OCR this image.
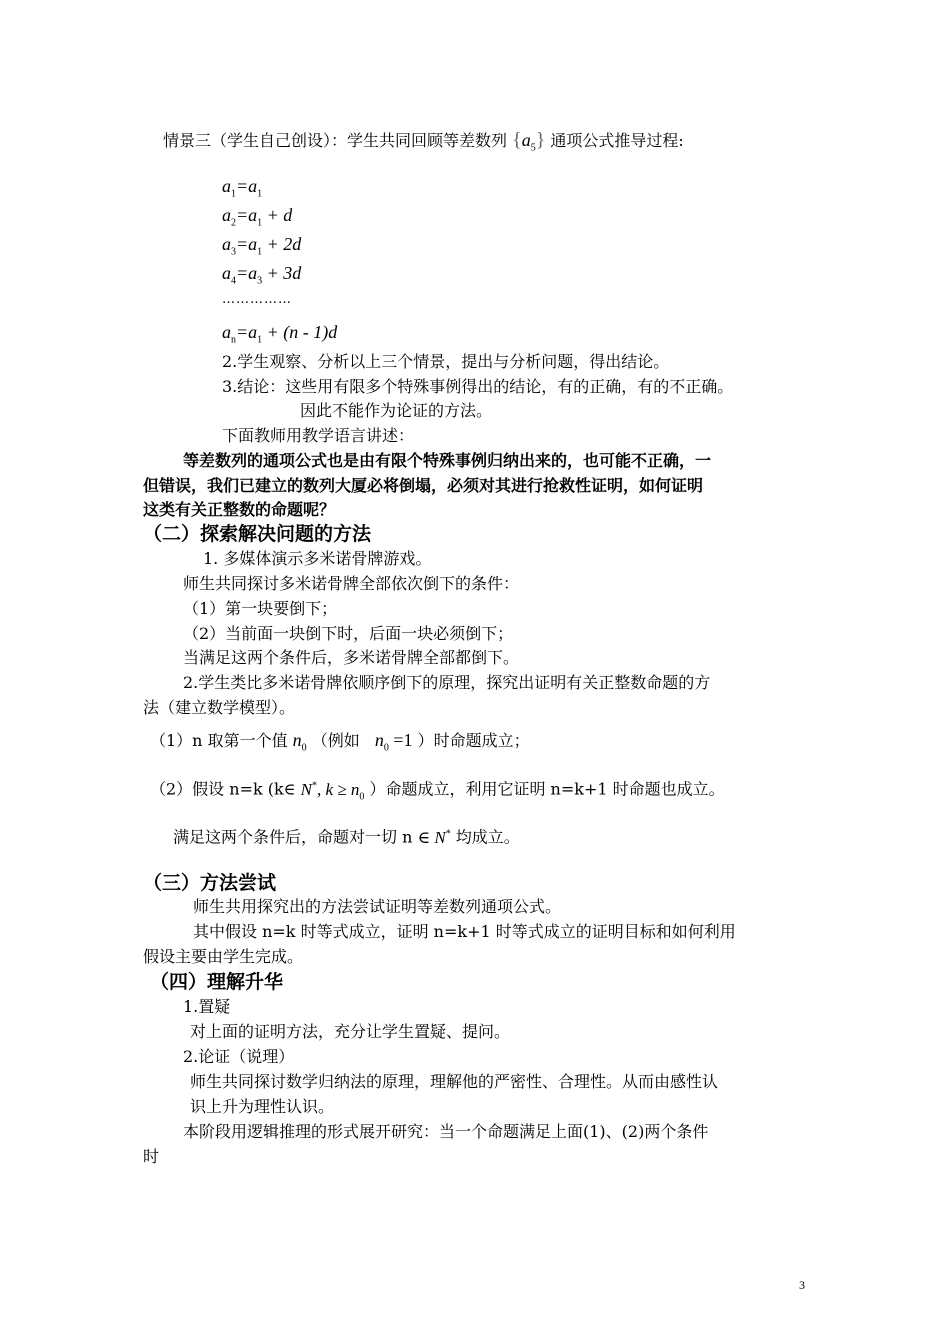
情景三（学生自己创设）：学生共同回顾等差数列 $\{a_5\}$ 通项公式推导过程:
$a_1=a_1$
$a_2=a_1 + d$
$a_3=a_1 + 2d$
$a_4=a_3 + 3d$
……………
$a_n=a_1 + (n - 1)d$
2.学生观察、分析以上三个情景，提出与分析问题，得出结论。
3.结论：这些用有限多个特殊事例得出的结论，有的正确，有的不正确。
因此不能作为论证的方法。
下面教师用教学语言讲述：
等差数列的通项公式也是由有限个特殊事例归纳出来的，也可能不正确，一
但错误，我们已建立的数列大厦必将倒塌，必须对其进行抢救性证明，如何证明
这类有关正整数的命题呢？
（二）探索解决问题的方法
1. 多媒体演示多米诺骨牌游戏。
师生共同探讨多米诺骨牌全部依次倒下的条件：
（1）第一块要倒下；
（2）当前面一块倒下时，后面一块必须倒下；
当满足这两个条件后，多米诺骨牌全部都倒下。
2.学生类比多米诺骨牌依顺序倒下的原理，探究出证明有关正整数命题的方
法（建立数学模型）。
（1）n 取第一个值 $n_0$ （例如 $n_0 =1$ ）时命题成立；
（2）假设 n=k (k∈ N*, $k \ge n_0$ ）命题成立，利用它证明 n=k+1 时命题也成立。
满足这两个条件后，命题对一切 n ∈ N* 均成立。
（三）方法尝试
师生共用探究出的方法尝试证明等差数列通项公式。
其中假设 n=k 时等式成立，证明 n=k+1 时等式成立的证明目标和如何利用
假设主要由学生完成。
（四）理解升华
1.置疑
对上面的证明方法，充分让学生置疑、提问。
2.论证（说理）
师生共同探讨数学归纳法的原理，理解他的严密性、合理性。从而由感性认
识上升为理性认识。
本阶段用逻辑推理的形式展开研究：当一个命题满足上面(1)、(2)两个条件
时
3
